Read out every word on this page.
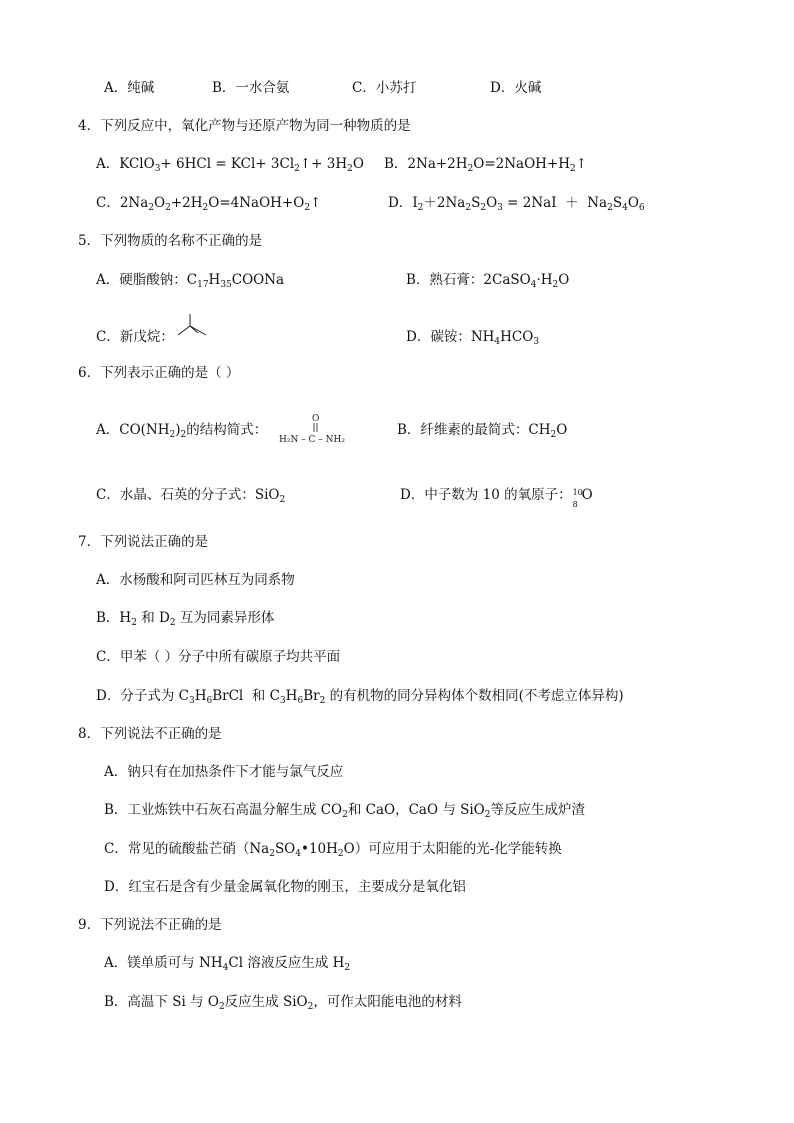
A．纯碱	B．一水合氨	C．小苏打	D．火碱
4．下列反应中，氧化产物与还原产物为同一种物质的是
A．KClO$_3$+ $6HCl = KCl+ 3Cl_2↑+ 3H_2O$ B．$2Na+2H_2O=2NaOH+H_2↑$
C．$2Na_2O_2+2H_2O=4NaOH+O_2↑$	D．$I_2+2Na_2S_2O_3 = 2NaI + Na_2S_4O_6$
5．下列物质的名称不正确的是
A．硬脂酸钠：$C_{17}H_{35}COONa$	B．熟石膏：$2CaSO_4\cdot H_2O$
C．新戊烷：	D．碳铵：$NH_4HCO_3$
6．下列表示正确的是（ ）
A．$CO(NH_2)_2$的结构简式：
O
H₂N – C – NH₂
B．纤维素的最简式：$CH_2O$
C．水晶、石英的分子式：SiO$_2$	D．中子数为 10 的氧原子： 10
8
O
7．下列说法正确的是
A．水杨酸和阿司匹林互为同系物
B．$H_2$ 和 $D_2$ 互为同素异形体
C．甲苯（ ）分子中所有碳原子均共平面
D．分子式为 $C_3H_6BrCl$  和 $C_3H_6Br_2$ 的有机物的同分异构体个数相同(不考虑立体异构)
8．下列说法不正确的是
A．钠只有在加热条件下才能与氯气反应
B．工业炼铁中石灰石高温分解生成 $CO_2$和 CaO，CaO 与 SiO$_2$等反应生成炉渣
C．常见的硫酸盐芒硝$(Na_2SO_4•10H_2O)$可应用于太阳能的光-化学能转换
D．红宝石是含有少量金属氧化物的刚玉，主要成分是氧化铝
9．下列说法不正确的是
A．镁单质可与 $NH_4Cl$ 溶液反应生成 $H_2$
B．高温下 Si 与 $O_2$反应生成 SiO$_2$，可作太阳能电池的材料
